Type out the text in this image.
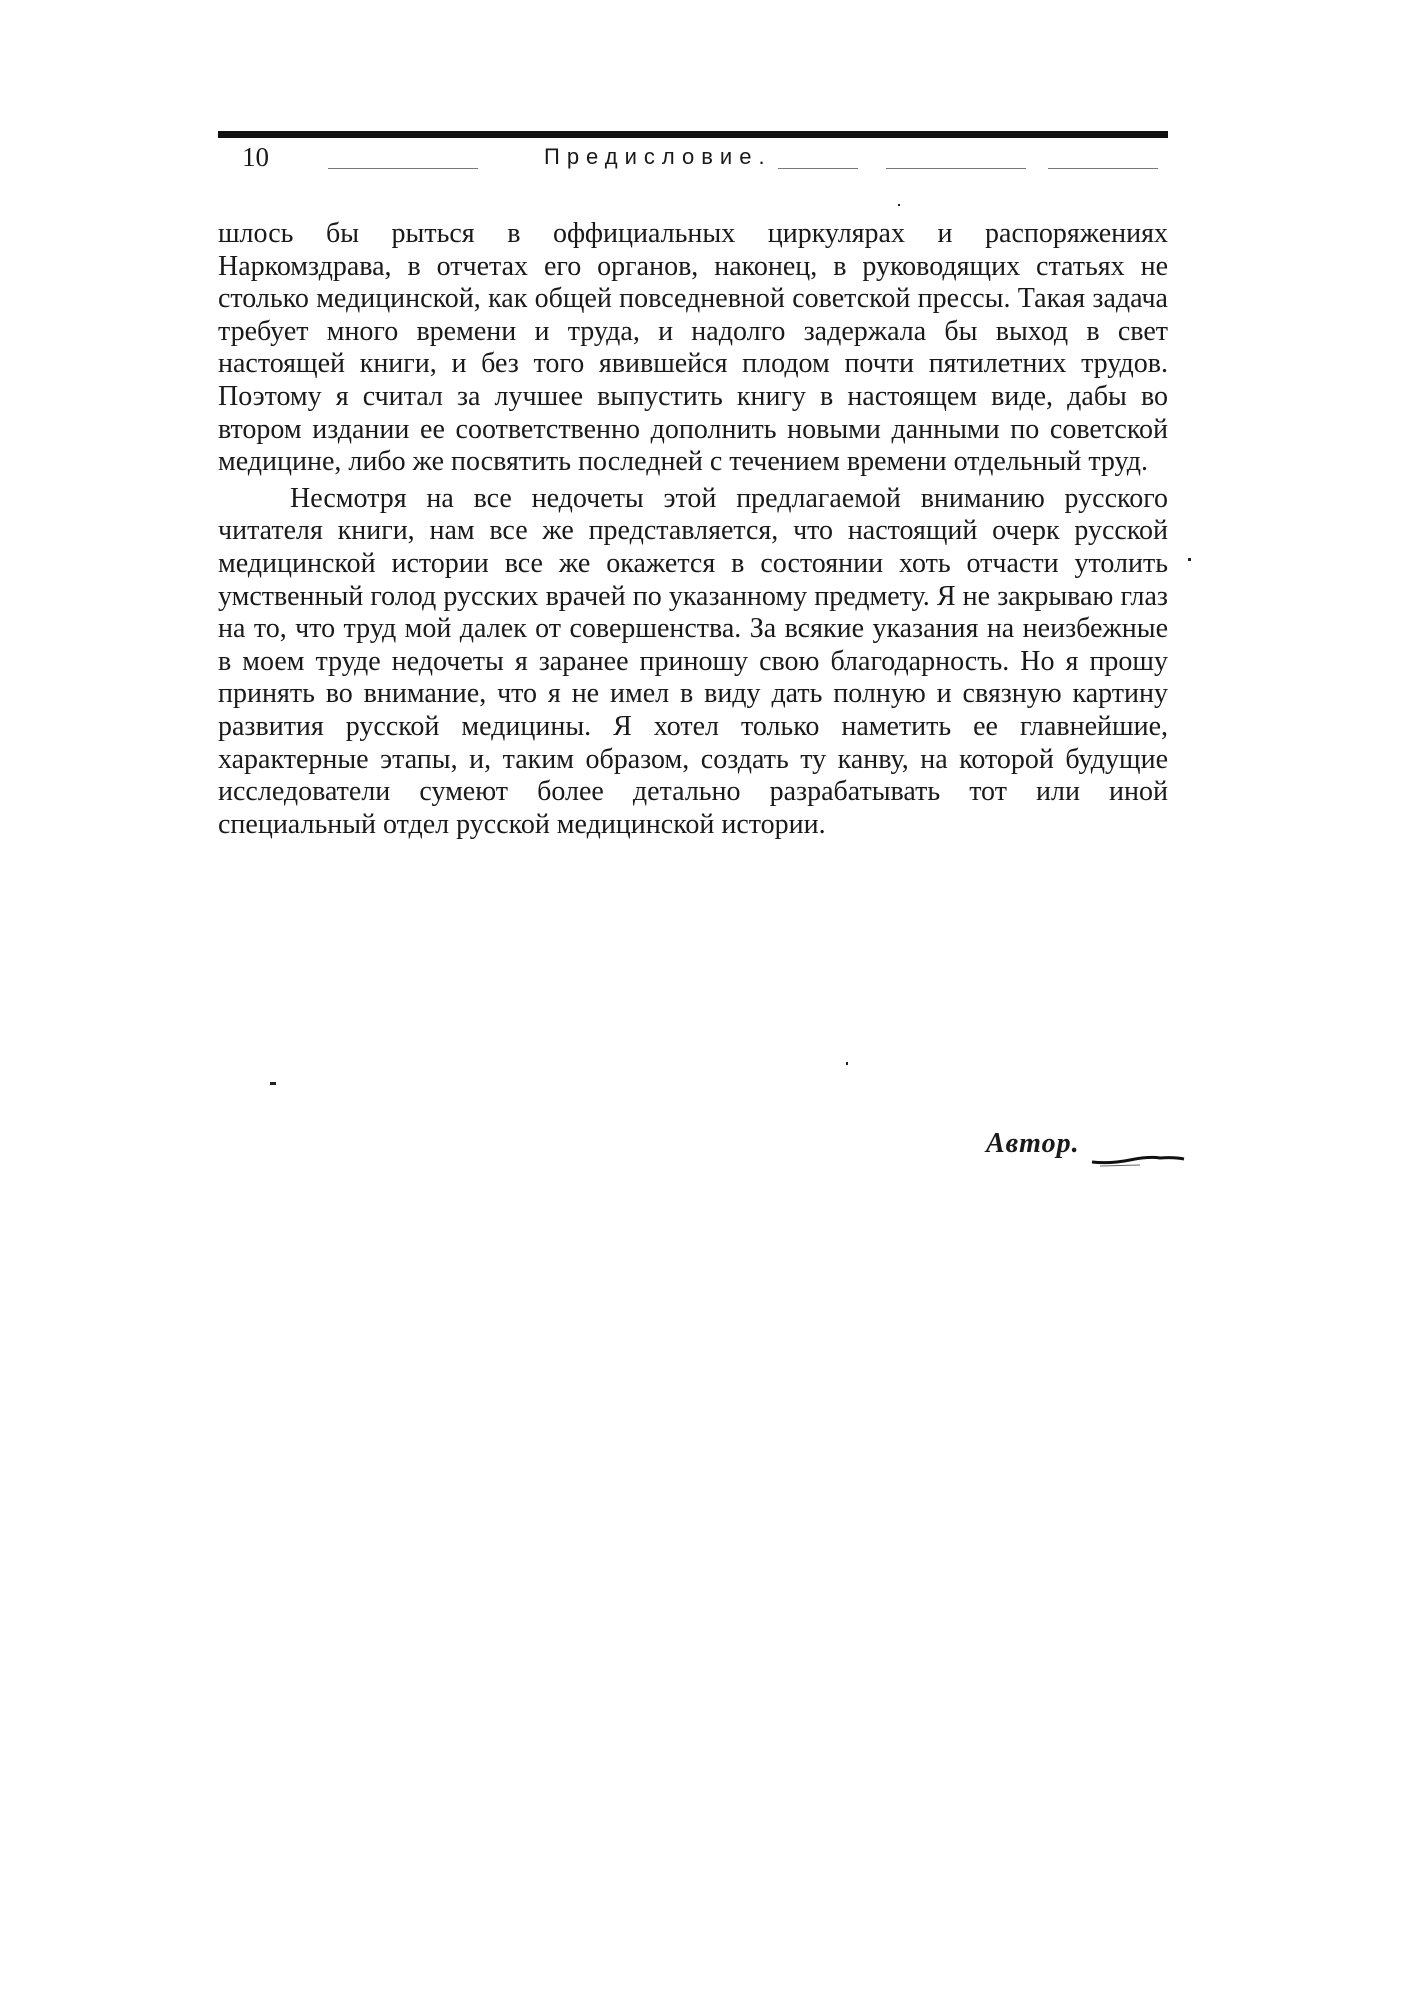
10	Предисловие.

шлось бы рыться в оффициальных циркулярах и распоряжениях Наркомздрава, в отчетах его органов, наконец, в руководящих статьях не столько медицинской, как общей повседневной советской прессы. Такая задача требует много времени и труда, и надолго задержала бы выход в свет настоящей книги, и без того явившейся плодом почти пятилетних трудов. Поэтому я считал за лучшее выпустить книгу в настоящем виде, дабы во втором издании ее соответственно дополнить новыми данными по советской медицине, либо же посвятить последней с течением времени отдельный труд.

Несмотря на все недочеты этой предлагаемой вниманию русского читателя книги, нам все же представляется, что настоящий очерк русской медицинской истории все же окажется в состоянии хоть отчасти утолить умственный голод русских врачей по указанному предмету. Я не закрываю глаз на то, что труд мой далек от совершенства. За всякие указания на неизбежные в моем труде недочеты я заранее приношу свою благодарность. Но я прошу принять во внимание, что я не имел в виду дать полную и связную картину развития русской медицины. Я хотел только наметить ее главнейшие, характерные этапы, и, таким образом, создать ту канву, на которой будущие исследователи сумеют более детально разрабатывать тот или иной специальный отдел русской медицинской истории.

Автор.
